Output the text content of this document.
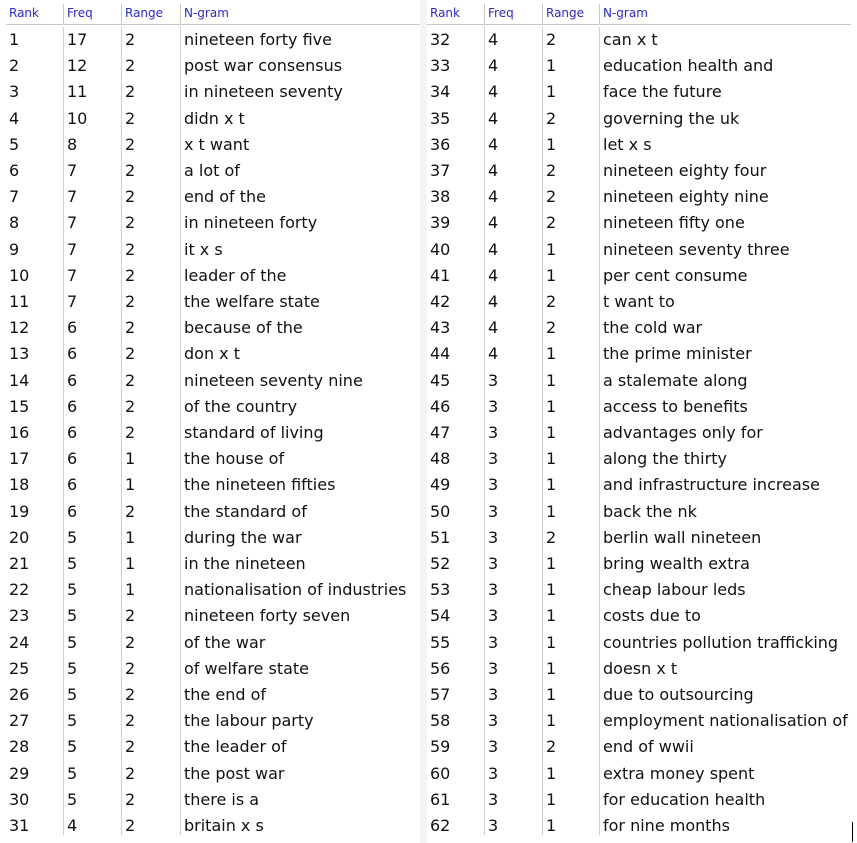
Rank Freq	Range N-gram
1	17 2	nineteen forty five
2	12 2	post war consensus
3	11 2	in nineteen seventy
4	10 2	didn x t
5	8	2	x t want
6	7	2	a lot of
7	7	2	end of the
8	7	2	in nineteen forty
9	7	2	it x s
10 7	2	leader of the
11 7	2	the welfare state
12 6	2	because of the
13 6	2	don x t
14 6	2	nineteen seventy nine
15 6	2	of the country
16 6	2	standard of living
17 6	1	the house of
18 6	1	the nineteen fifties
19 6	2	the standard of
20 5	1	during the war
21 5	1	in the nineteen
22 5	1	nationalisation of industries
23 5	2	nineteen forty seven
24 5	2	of the war
25 5	2	of welfare state
26 5	2	the end of
27 5	2	the labour party
28 5	2	the leader of
29 5	2	the post war
30 5	2	there is a
31 4	2	britain x s
Rank Freq	Range N-gram
32 4	2	can x t
33 4	1	education health and
34 4	1	face the future
35 4	2	governing the uk
36 4	1	let x s
37 4	2	nineteen eighty four
38 4	2	nineteen eighty nine
39 4	2	nineteen fifty one
40 4	1	nineteen seventy three
41 4	1	per cent consume
42 4	2	t want to
43 4	2	the cold war
44 4	1	the prime minister
45 3	1	a stalemate along
46 3	1	access to benefits
47 3	1	advantages only for
48 3	1	along the thirty
49 3	1	and infrastructure increase
50 3	1	back the nk
51 3	2	berlin wall nineteen
52 3	1	bring wealth extra
53 3	1	cheap labour leds
54 3	1	costs due to
55 3	1	countries pollution trafficking
56 3	1	doesn x t
57 3	1	due to outsourcing
58 3	1	employment nationalisation of
59 3	2	end of wwii
60 3	1	extra money spent
61 3	1	for education health
62 3	1	for nine months
